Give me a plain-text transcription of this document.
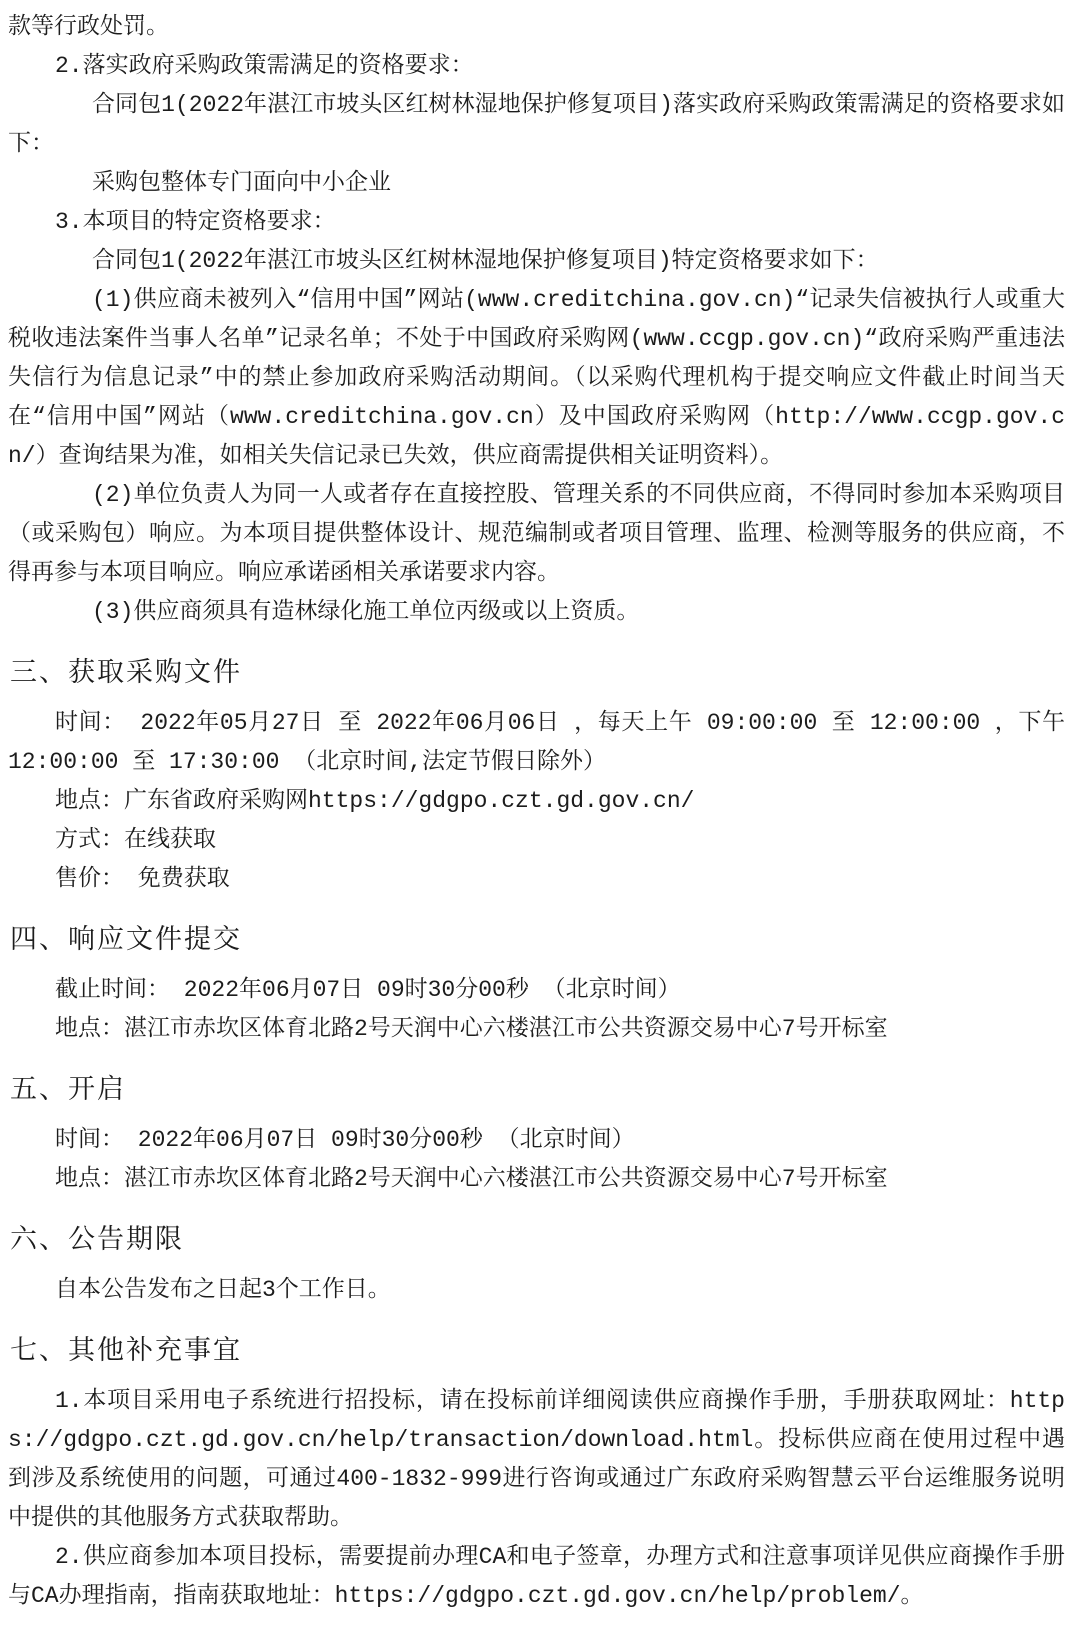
款等行政处罚。

2.落实政府采购政策需满足的资格要求：

合同包1(2022年湛江市坡头区红树林湿地保护修复项目)落实政府采购政策需满足的资格要求如下：

采购包整体专门面向中小企业

3.本项目的特定资格要求：

合同包1(2022年湛江市坡头区红树林湿地保护修复项目)特定资格要求如下：

(1)供应商未被列入“信用中国”网站(www.creditchina.gov.cn)“记录失信被执行人或重大税收违法案件当事人名单”记录名单；不处于中国政府采购网(www.ccgp.gov.cn)“政府采购严重违法失信行为信息记录”中的禁止参加政府采购活动期间。（以采购代理机构于提交响应文件截止时间当天在“信用中国”网站（www.creditchina.gov.cn）及中国政府采购网（http://www.ccgp.gov.cn/）查询结果为准，如相关失信记录已失效，供应商需提供相关证明资料）。

(2)单位负责人为同一人或者存在直接控股、管理关系的不同供应商，不得同时参加本采购项目（或采购包）响应。为本项目提供整体设计、规范编制或者项目管理、监理、检测等服务的供应商，不得再参与本项目响应。响应承诺函相关承诺要求内容。

(3)供应商须具有造林绿化施工单位丙级或以上资质。

三、获取采购文件

时间： 2022年05月27日 至 2022年06月06日 ，每天上午 09:00:00 至 12:00:00 ，下午 12:00:00 至 17:30:00 （北京时间,法定节假日除外）

地点：广东省政府采购网https://gdgpo.czt.gd.gov.cn/

方式：在线获取

售价： 免费获取

四、响应文件提交

截止时间： 2022年06月07日 09时30分00秒 （北京时间）

地点：湛江市赤坎区体育北路2号天润中心六楼湛江市公共资源交易中心7号开标室

五、开启

时间： 2022年06月07日 09时30分00秒 （北京时间）

地点：湛江市赤坎区体育北路2号天润中心六楼湛江市公共资源交易中心7号开标室

六、公告期限

自本公告发布之日起3个工作日。

七、其他补充事宜

1.本项目采用电子系统进行招投标，请在投标前详细阅读供应商操作手册，手册获取网址：https://gdgpo.czt.gd.gov.cn/help/transaction/download.html。投标供应商在使用过程中遇到涉及系统使用的问题，可通过400-1832-999进行咨询或通过广东政府采购智慧云平台运维服务说明中提供的其他服务方式获取帮助。

2.供应商参加本项目投标，需要提前办理CA和电子签章，办理方式和注意事项详见供应商操作手册与CA办理指南，指南获取地址：https://gdgpo.czt.gd.gov.cn/help/problem/。
